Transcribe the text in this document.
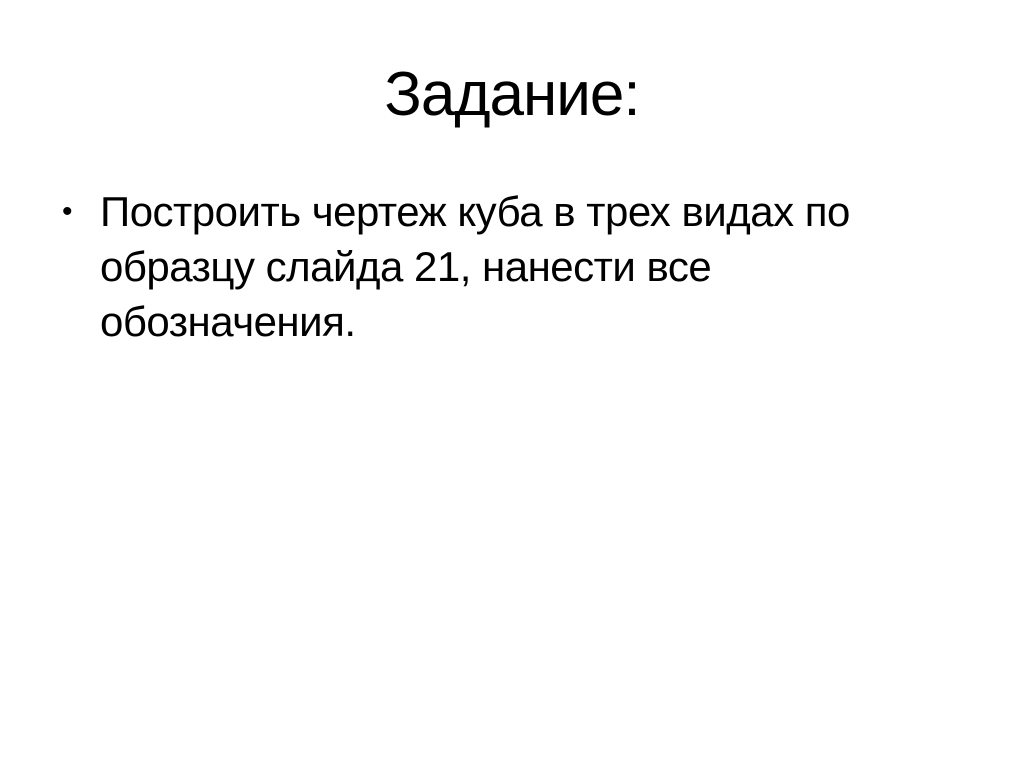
Задание:
• Построить чертеж куба в трех видах по
образцу слайда 21, нанести все
обозначения.
